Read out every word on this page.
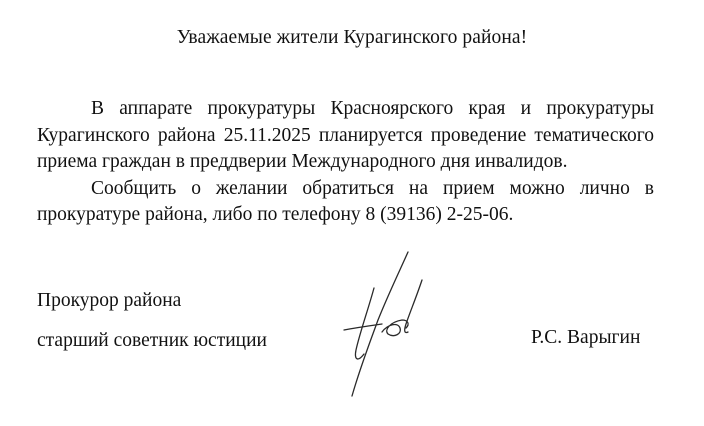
Уважаемые жители Курагинского района!

В аппарате прокуратуры Красноярского края и прокуратуры Курагинского района 25.11.2025 планируется проведение тематического приема граждан в преддверии Международного дня инвалидов.

Сообщить о желании обратиться на прием можно лично в прокуратуре района, либо по телефону 8 (39136) 2-25-06.

Прокурор района
старший советник юстиции	Р.С. Варыгин
